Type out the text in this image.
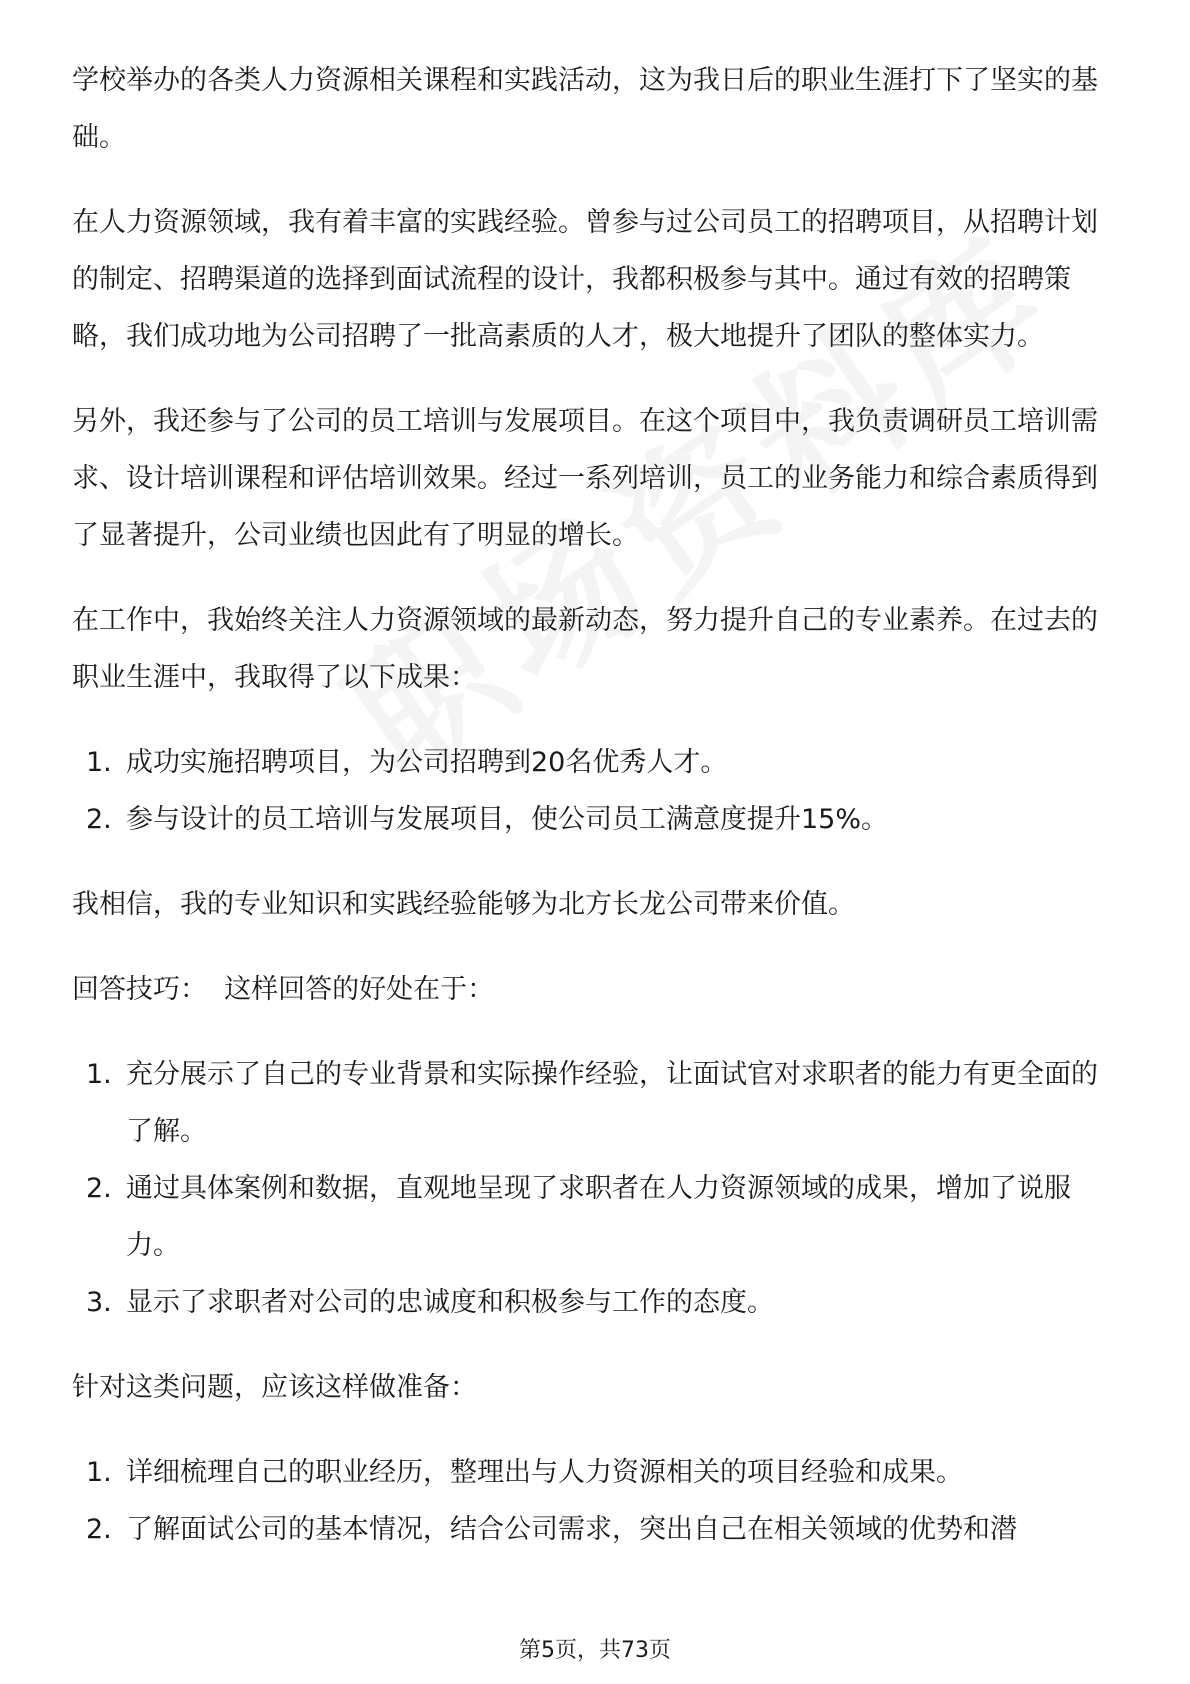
学校举办的各类人力资源相关课程和实践活动，这为我日后的职业生涯打下了坚实的基础。

在人力资源领域，我有着丰富的实践经验。曾参与过公司员工的招聘项目，从招聘计划的制定、招聘渠道的选择到面试流程的设计，我都积极参与其中。通过有效的招聘策略，我们成功地为公司招聘了一批高素质的人才，极大地提升了团队的整体实力。

另外，我还参与了公司的员工培训与发展项目。在这个项目中，我负责调研员工培训需求、设计培训课程和评估培训效果。经过一系列培训，员工的业务能力和综合素质得到了显著提升，公司业绩也因此有了明显的增长。

在工作中，我始终关注人力资源领域的最新动态，努力提升自己的专业素养。在过去的职业生涯中，我取得了以下成果：

1. 成功实施招聘项目，为公司招聘到20名优秀人才。
2. 参与设计的员工培训与发展项目，使公司员工满意度提升15%。

我相信，我的专业知识和实践经验能够为北方长龙公司带来价值。

回答技巧：  这样回答的好处在于：

1. 充分展示了自己的专业背景和实际操作经验，让面试官对求职者的能力有更全面的了解。
2. 通过具体案例和数据，直观地呈现了求职者在人力资源领域的成果，增加了说服力。
3. 显示了求职者对公司的忠诚度和积极参与工作的态度。

针对这类问题，应该这样做准备：

1. 详细梳理自己的职业经历，整理出与人力资源相关的项目经验和成果。
2. 了解面试公司的基本情况，结合公司需求，突出自己在相关领域的优势和潜
第5页，共73页
